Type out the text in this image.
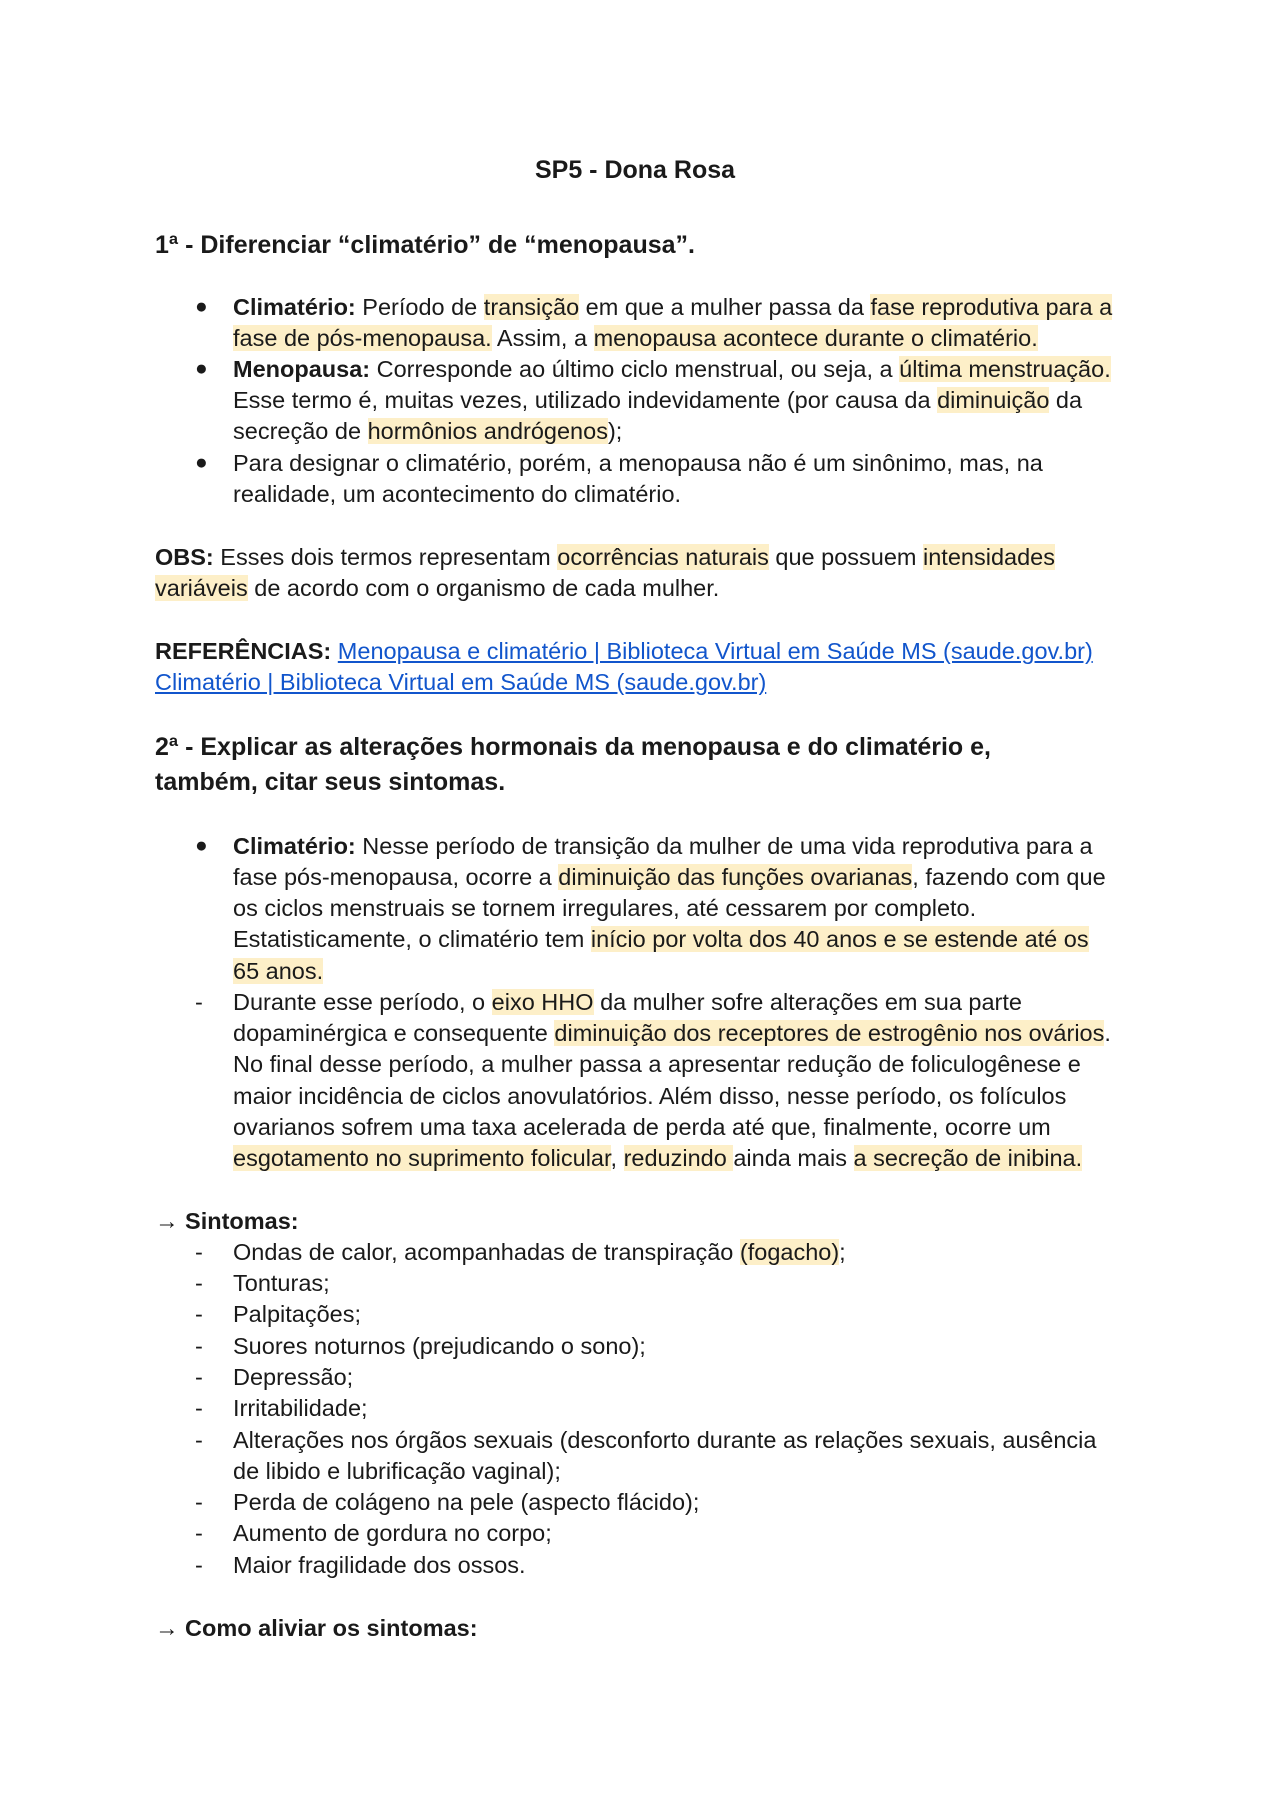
SP5 - Dona Rosa
1ª - Diferenciar “climatério” de “menopausa”.
● Climatério: Período de transição em que a mulher passa da fase reprodutiva para a
fase de pós-menopausa. Assim, a menopausa acontece durante o climatério.
● Menopausa: Corresponde ao último ciclo menstrual, ou seja, a última menstruação.
Esse termo é, muitas vezes, utilizado indevidamente (por causa da diminuição da
secreção de hormônios andrógenos);
● Para designar o climatério, porém, a menopausa não é um sinônimo, mas, na
realidade, um acontecimento do climatério.
OBS: Esses dois termos representam ocorrências naturais que possuem intensidades
variáveis de acordo com o organismo de cada mulher.
REFERÊNCIAS: Menopausa e climatério | Biblioteca Virtual em Saúde MS (saude.gov.br)
Climatério | Biblioteca Virtual em Saúde MS (saude.gov.br)
2ª - Explicar as alterações hormonais da menopausa e do climatério e,
também, citar seus sintomas.
● Climatério: Nesse período de transição da mulher de uma vida reprodutiva para a
fase pós-menopausa, ocorre a diminuição das funções ovarianas, fazendo com que
os ciclos menstruais se tornem irregulares, até cessarem por completo.
Estatisticamente, o climatério tem início por volta dos 40 anos e se estende até os
65 anos.
- Durante esse período, o eixo HHO da mulher sofre alterações em sua parte
dopaminérgica e consequente diminuição dos receptores de estrogênio nos ovários.
No final desse período, a mulher passa a apresentar redução de foliculogênese e
maior incidência de ciclos anovulatórios. Além disso, nesse período, os folículos
ovarianos sofrem uma taxa acelerada de perda até que, finalmente, ocorre um
esgotamento no suprimento folicular, reduzindo ainda mais a secreção de inibina.
→ Sintomas:
- Ondas de calor, acompanhadas de transpiração (fogacho);
- Tonturas;
- Palpitações;
- Suores noturnos (prejudicando o sono);
- Depressão;
- Irritabilidade;
- Alterações nos órgãos sexuais (desconforto durante as relações sexuais, ausência
de libido e lubrificação vaginal);
- Perda de colágeno na pele (aspecto flácido);
- Aumento de gordura no corpo;
- Maior fragilidade dos ossos.
→ Como aliviar os sintomas:
